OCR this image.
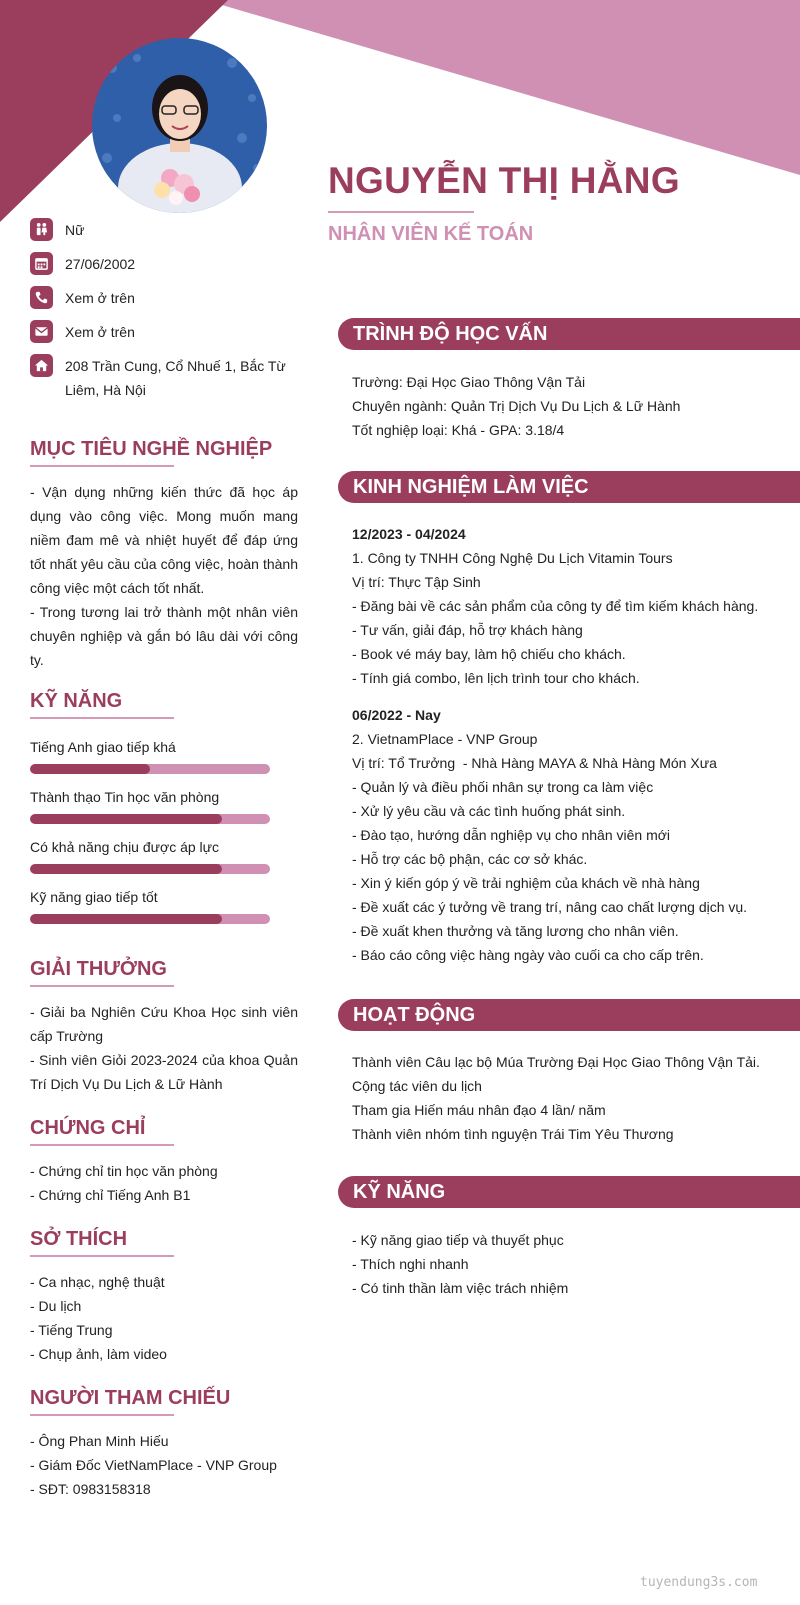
NGUYỄN THỊ HẰNG
NHÂN VIÊN KẾ TOÁN
Nữ
27/06/2002
Xem ở trên
Xem ở trên
208 Trần Cung, Cổ Nhuế 1, Bắc Từ Liêm, Hà Nội
MỤC TIÊU NGHỀ NGHIỆP
- Vận dụng những kiến thức đã học áp dụng vào công việc. Mong muốn mang niềm đam mê và nhiệt huyết để đáp ứng tốt nhất yêu cầu của công việc, hoàn thành công việc một cách tốt nhất.
- Trong tương lai trở thành một nhân viên chuyên nghiệp và gắn bó lâu dài với công ty.
KỸ NĂNG
Tiếng Anh giao tiếp khá
Thành thạo Tin học văn phòng
Có khả năng chịu được áp lực
Kỹ năng giao tiếp tốt
GIẢI THƯỞNG
- Giải ba Nghiên Cứu Khoa Học sinh viên cấp Trường
- Sinh viên Giỏi 2023-2024 của khoa Quản Trí Dịch Vụ Du Lịch & Lữ Hành
CHỨNG CHỈ
- Chứng chỉ tin học văn phòng
- Chứng chỉ Tiếng Anh B1
SỞ THÍCH
- Ca nhạc, nghệ thuật
- Du lịch
- Tiếng Trung
- Chụp ảnh, làm video
NGƯỜI THAM CHIẾU
- Ông Phan Minh Hiếu
- Giám Đốc VietNamPlace - VNP Group
- SĐT: 0983158318
TRÌNH ĐỘ HỌC VẤN
Trường: Đại Học Giao Thông Vận Tải
Chuyên ngành: Quản Trị Dịch Vụ Du Lịch & Lữ Hành
Tốt nghiệp loại: Khá - GPA: 3.18/4
KINH NGHIỆM LÀM VIỆC
12/2023 - 04/2024
1. Công ty TNHH Công Nghệ Du Lịch Vitamin Tours
Vị trí: Thực Tập Sinh
- Đăng bài về các sản phẩm của công ty để tìm kiếm khách hàng.
- Tư vấn, giải đáp, hỗ trợ khách hàng
- Book vé máy bay, làm hộ chiếu cho khách.
- Tính giá combo, lên lịch trình tour cho khách.
06/2022 - Nay
2. VietnamPlace - VNP Group
Vị trí: Tổ Trưởng  - Nhà Hàng MAYA & Nhà Hàng Món Xưa
- Quản lý và điều phối nhân sự trong ca làm việc
- Xử lý yêu cầu và các tình huống phát sinh.
- Đào tạo, hướng dẫn nghiệp vụ cho nhân viên mới
- Hỗ trợ các bộ phận, các cơ sở khác.
- Xin ý kiến góp ý về trải nghiệm của khách về nhà hàng
- Đề xuất các ý tưởng về trang trí, nâng cao chất lượng dịch vụ.
- Đề xuất khen thưởng và tăng lương cho nhân viên.
- Báo cáo công việc hàng ngày vào cuối ca cho cấp trên.
HOẠT ĐỘNG
Thành viên Câu lạc bộ Múa Trường Đại Học Giao Thông Vận Tải.
Cộng tác viên du lịch
Tham gia Hiến máu nhân đạo 4 lần/ năm
Thành viên nhóm tình nguyện Trái Tim Yêu Thương
KỸ NĂNG
- Kỹ năng giao tiếp và thuyết phục
- Thích nghi nhanh
- Có tinh thần làm việc trách nhiệm
tuyendung3s.com
